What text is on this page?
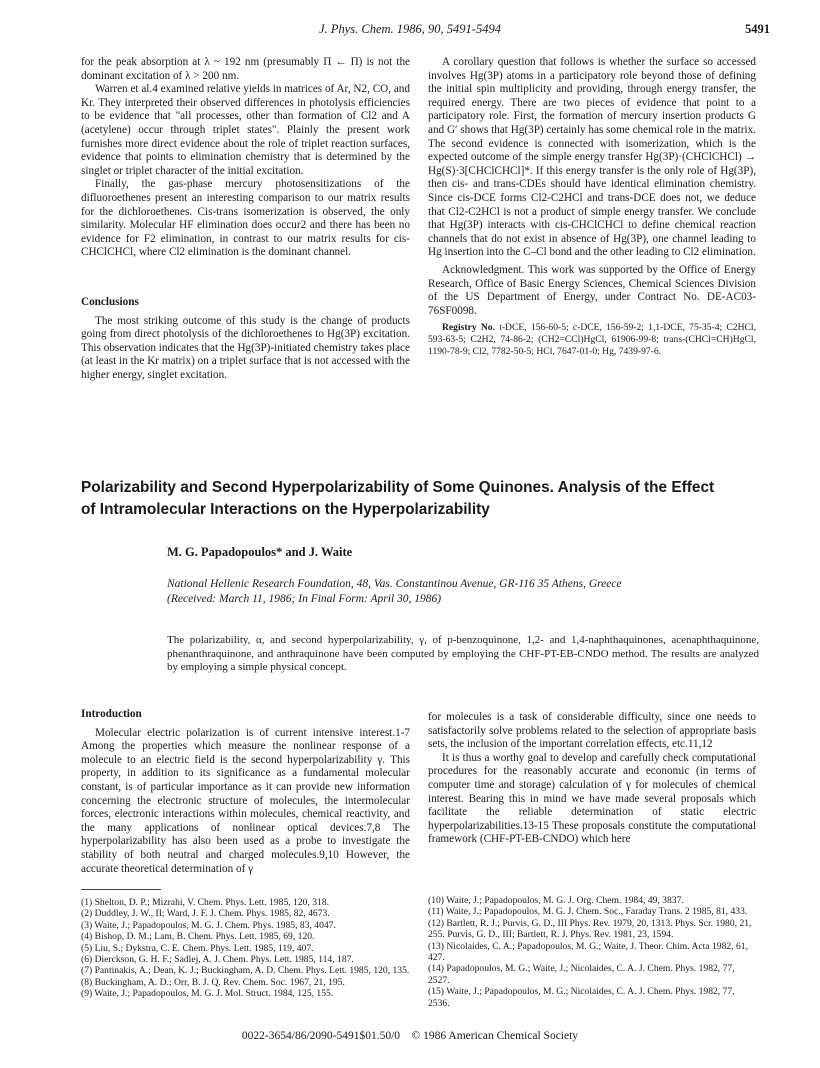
J. Phys. Chem. 1986, 90, 5491-5494	5491

for the peak absorption at λ ~ 192 nm (presumably Π ← Π) is not the dominant excitation of λ > 200 nm.

Warren et al.4 examined relative yields in matrices of Ar, N2, CO, and Kr. They interpreted their observed differences in photolysis efficiencies to be evidence that "all processes, other than formation of Cl2 and A (acetylene) occur through triplet states". Plainly the present work furnishes more direct evidence about the role of triplet reaction surfaces, evidence that points to elimination chemistry that is determined by the singlet or triplet character of the initial excitation.

Finally, the gas-phase mercury photosensitizations of the difluoroethenes present an interesting comparison to our matrix results for the dichloroethenes. Cis-trans isomerization is observed, the only similarity. Molecular HF elimination does occur2 and there has been no evidence for F2 elimination, in contrast to our matrix results for cis-CHClCHCl, where Cl2 elimination is the dominant channel.

Conclusions

The most striking outcome of this study is the change of products going from direct photolysis of the dichloroethenes to Hg(3P) excitation. This observation indicates that the Hg(3P)-initiated chemistry takes place (at least in the Kr matrix) on a triplet surface that is not accessed with the higher energy, singlet excitation.

A corollary question that follows is whether the surface so accessed involves Hg(3P) atoms in a participatory role beyond those of defining the initial spin multiplicity and providing, through energy transfer, the required energy. There are two pieces of evidence that point to a participatory role. First, the formation of mercury insertion products G and G′ shows that Hg(3P) certainly has some chemical role in the matrix. The second evidence is connected with isomerization, which is the expected outcome of the simple energy transfer Hg(3P)·(CHClCHCl) → Hg(S)·3[CHClCHCl]*. If this energy transfer is the only role of Hg(3P), then cis- and trans-CDEs should have identical elimination chemistry. Since cis-DCE forms Cl2-C2HCl and trans-DCE does not, we deduce that Cl2-C2HCl is not a product of simple energy transfer. We conclude that Hg(3P) interacts with cis-CHClCHCl to define chemical reaction channels that do not exist in absence of Hg(3P), one channel leading to Hg insertion into the C–Cl bond and the other leading to Cl2 elimination.

Acknowledgment. This work was supported by the Office of Energy Research, Office of Basic Energy Sciences, Chemical Sciences Division of the US Department of Energy, under Contract No. DE-AC03-76SF0098.

Registry No. t-DCE, 156-60-5; c-DCE, 156-59-2; 1,1-DCE, 75-35-4; C2HCl, 593-63-5; C2H2, 74-86-2; (CH2=CCl)HgCl, 61906-99-8; trans-(CHCl=CH)HgCl, 1190-78-9; Cl2, 7782-50-5; HCl, 7647-01-0; Hg, 7439-97-6.
Polarizability and Second Hyperpolarizability of Some Quinones. Analysis of the Effect
of Intramolecular Interactions on the Hyperpolarizability
M. G. Papadopoulos* and J. Waite
National Hellenic Research Foundation, 48, Vas. Constantinou Avenue, GR-116 35 Athens, Greece
(Received: March 11, 1986; In Final Form: April 30, 1986)
The polarizability, α, and second hyperpolarizability, γ, of p-benzoquinone, 1,2- and 1,4-naphthaquinones, acenaphthaquinone, phenanthraquinone, and anthraquinone have been computed by employing the CHF-PT-EB-CNDO method. The results are analyzed by employing a simple physical concept.
Introduction

Molecular electric polarization is of current intensive interest.1-7 Among the properties which measure the nonlinear response of a molecule to an electric field is the second hyperpolarizability γ. This property, in addition to its significance as a fundamental molecular constant, is of particular importance as it can provide new information concerning the electronic structure of molecules, the intermolecular forces, electronic interactions within molecules, chemical reactivity, and the many applications of nonlinear optical devices.7,8 The hyperpolarizability has also been used as a probe to investigate the stability of both neutral and charged molecules.9,10 However, the accurate theoretical determination of γ

for molecules is a task of considerable difficulty, since one needs to satisfactorily solve problems related to the selection of appropriate basis sets, the inclusion of the important correlation effects, etc.11,12

It is thus a worthy goal to develop and carefully check computational procedures for the reasonably accurate and economic (in terms of computer time and storage) calculation of γ for molecules of chemical interest. Bearing this in mind we have made several proposals which facilitate the reliable determination of static electric hyperpolarizabilities.13-15 These proposals constitute the computational framework (CHF-PT-EB-CNDO) which here

(1) Shelton, D. P.; Mizrahi, V. Chem. Phys. Lett. 1985, 120, 318.
(2) Duddley, J. W., II; Ward, J. F. J. Chem. Phys. 1985, 82, 4673.
(3) Waite, J.; Papadopoulos, M. G. J. Chem. Phys. 1985, 83, 4047.
(4) Bishop, D. M.; Lam, B. Chem. Phys. Lett. 1985, 69, 120.
(5) Liu, S.; Dykstra, C. E. Chem. Phys. Lett. 1985, 119, 407.
(6) Dierckson, G. H. F.; Sadlej, A. J. Chem. Phys. Lett. 1985, 114, 187.
(7) Pantinakis, A.; Dean, K. J.; Buckingham, A. D. Chem. Phys. Lett. 1985, 120, 135.
(8) Buckingham, A. D.; Orr, B. J. Q. Rev. Chem. Soc. 1967, 21, 195.
(9) Waite, J.; Papadopoulos, M. G. J. Mol. Struct. 1984, 125, 155.
(10) Waite, J.; Papadopoulos, M. G. J. Org. Chem. 1984, 49, 3837.
(11) Waite, J.; Papadopoulos, M. G. J. Chem. Soc., Faraday Trans. 2 1985, 81, 433.
(12) Bartlett, R. J.; Purvis, G. D., III Phys. Rev. 1979, 20, 1313. Phys. Scr. 1980, 21, 255. Purvis, G. D., III; Bartlett, R. J. Phys. Rev. 1981, 23, 1594.
(13) Nicolaides, C. A.; Papadopoulos, M. G.; Waite, J. Theor. Chim. Acta 1982, 61, 427.
(14) Papadopoulos, M. G.; Waite, J.; Nicolaides, C. A. J. Chem. Phys. 1982, 77, 2527.
(15) Waite, J.; Papadopoulos, M. G.; Nicolaides, C. A. J. Chem. Phys. 1982, 77, 2536.
0022-3654/86/2090-5491$01.50/0 © 1986 American Chemical Society
